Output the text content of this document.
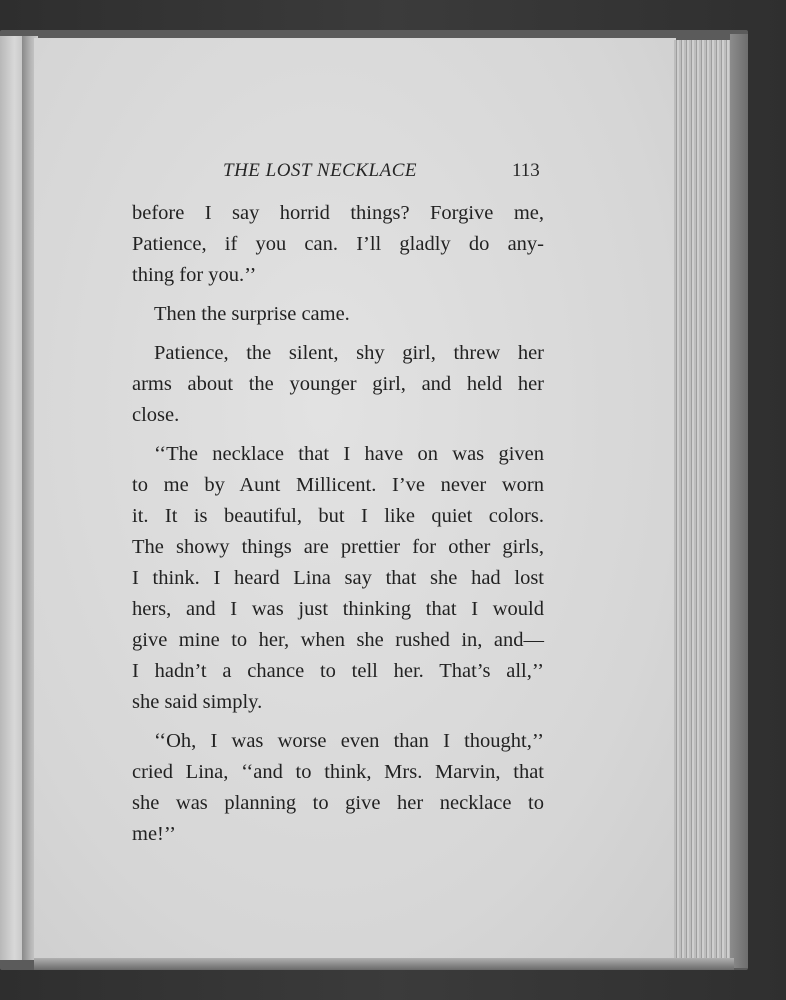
THE LOST NECKLACE	113

before I say horrid things? Forgive me,
Patience, if you can. I’ll gladly do any-
thing for you.’’

Then the surprise came.

Patience, the silent, shy girl, threw her
arms about the younger girl, and held her
close.

‘‘The necklace that I have on was given
to me by Aunt Millicent. I’ve never worn
it. It is beautiful, but I like quiet colors.
The showy things are prettier for other girls,
I think. I heard Lina say that she had lost
hers, and I was just thinking that I would
give mine to her, when she rushed in, and—
I hadn’t a chance to tell her. That’s all,’’
she said simply.

‘‘Oh, I was worse even than I thought,’’
cried Lina, ‘‘and to think, Mrs. Marvin, that
she was planning to give her necklace to
me!’’
